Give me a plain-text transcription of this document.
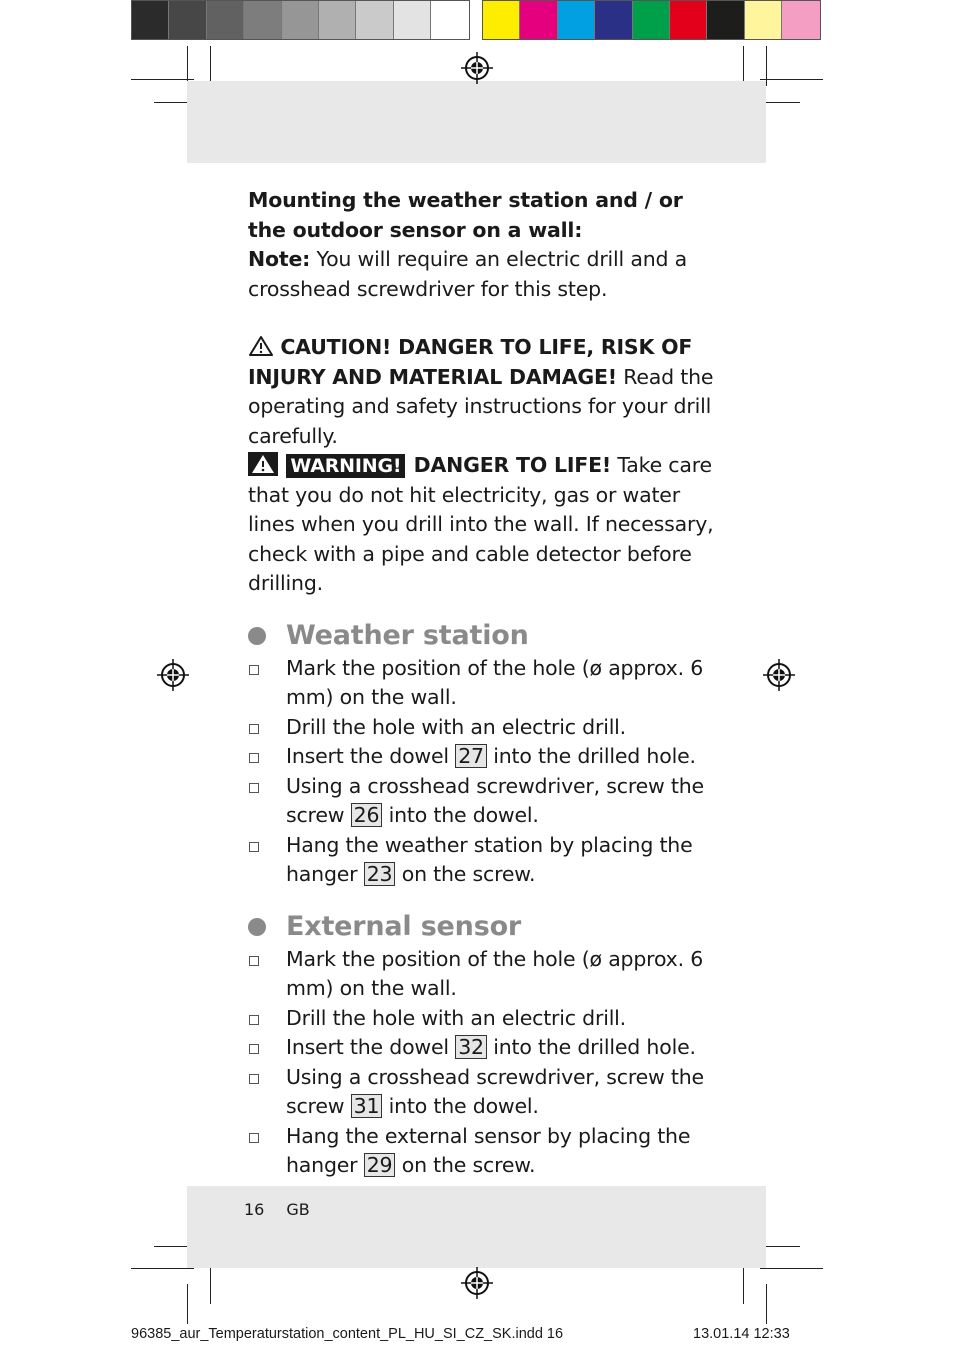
Mounting the weather station and / or
the outdoor sensor on a wall:

Note: You will require an electric drill and a crosshead screwdriver for this step.

CAUTION! DANGER TO LIFE, RISK OF INJURY AND MATERIAL DAMAGE! Read the operating and safety instructions for your drill carefully.

WARNING! DANGER TO LIFE! Take care that you do not hit electricity, gas or water lines when you drill into the wall. If necessary, check with a pipe and cable detector before drilling.

Weather station
Mark the position of the hole (ø approx. 6 mm) on the wall.
Drill the hole with an electric drill.
Insert the dowel 27 into the drilled hole.
Using a crosshead screwdriver, screw the screw 26 into the dowel.
Hang the weather station by placing the hanger 23 on the screw.
External sensor
Mark the position of the hole (ø approx. 6 mm) on the wall.
Drill the hole with an electric drill.
Insert the dowel 32 into the drilled hole.
Using a crosshead screwdriver, screw the screw 31 into the dowel.
Hang the external sensor by placing the hanger 29 on the screw.
16 GB
96385_aur_Temperaturstation_content_PL_HU_SI_CZ_SK.indd 16	13.01.14 12:33
